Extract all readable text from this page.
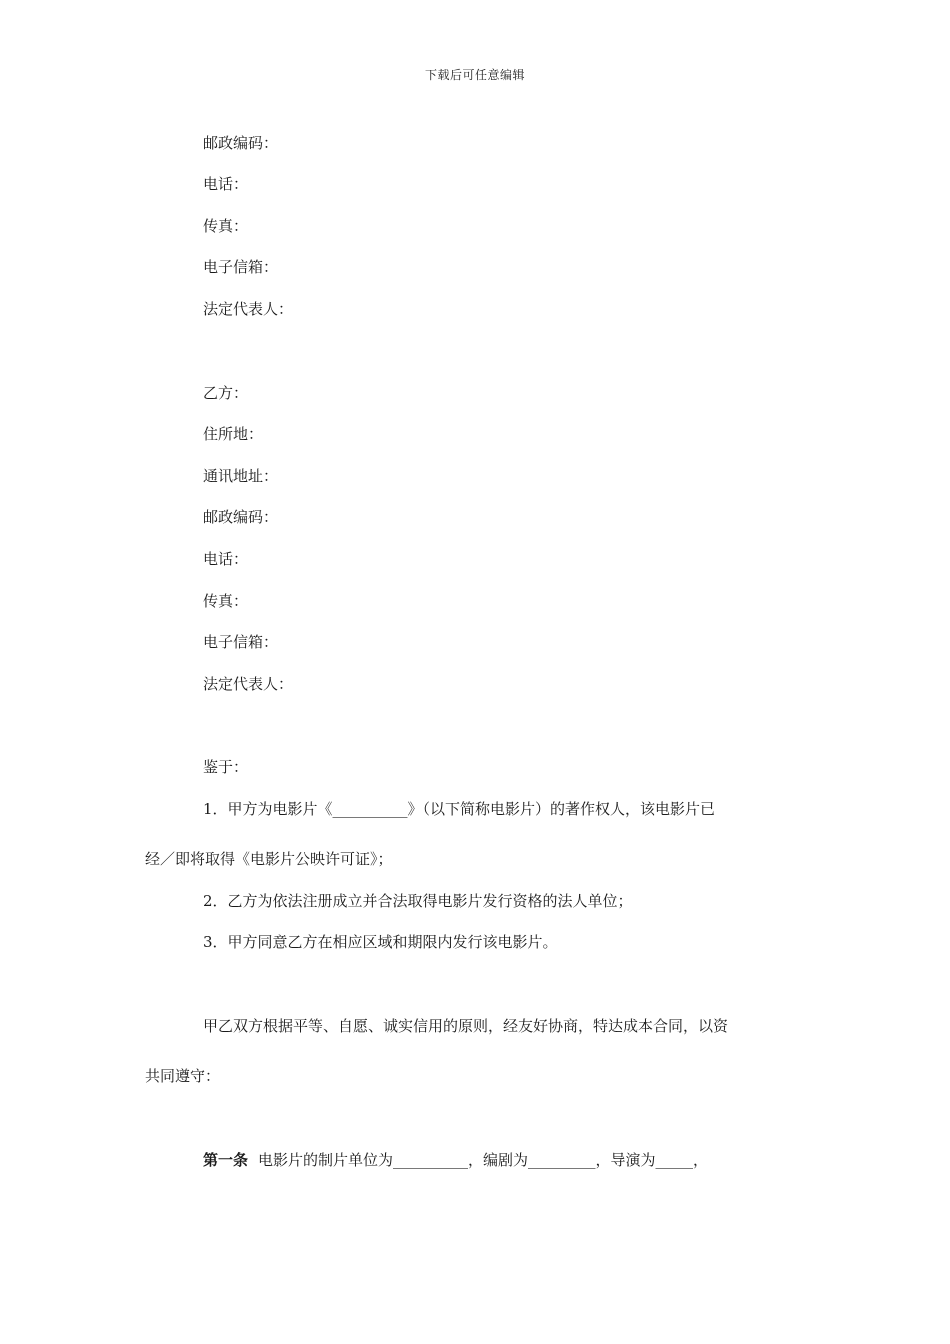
下载后可任意编辑
邮政编码：
电话：
传真：
电子信箱：
法定代表人：
乙方：
住所地：
通讯地址：
邮政编码：
电话：
传真：
电子信箱：
法定代表人：
鉴于：
1．甲方为电影片《__________》（以下简称电影片）的著作权人，该电影片已
经／即将取得《电影片公映许可证》；
2．乙方为依法注册成立并合法取得电影片发行资格的法人单位；
3．甲方同意乙方在相应区域和期限内发行该电影片。
甲乙双方根据平等、自愿、诚实信用的原则，经友好协商，特达成本合同，以资
共同遵守：
第一条 电影片的制片单位为__________，编剧为_________，导演为_____，
